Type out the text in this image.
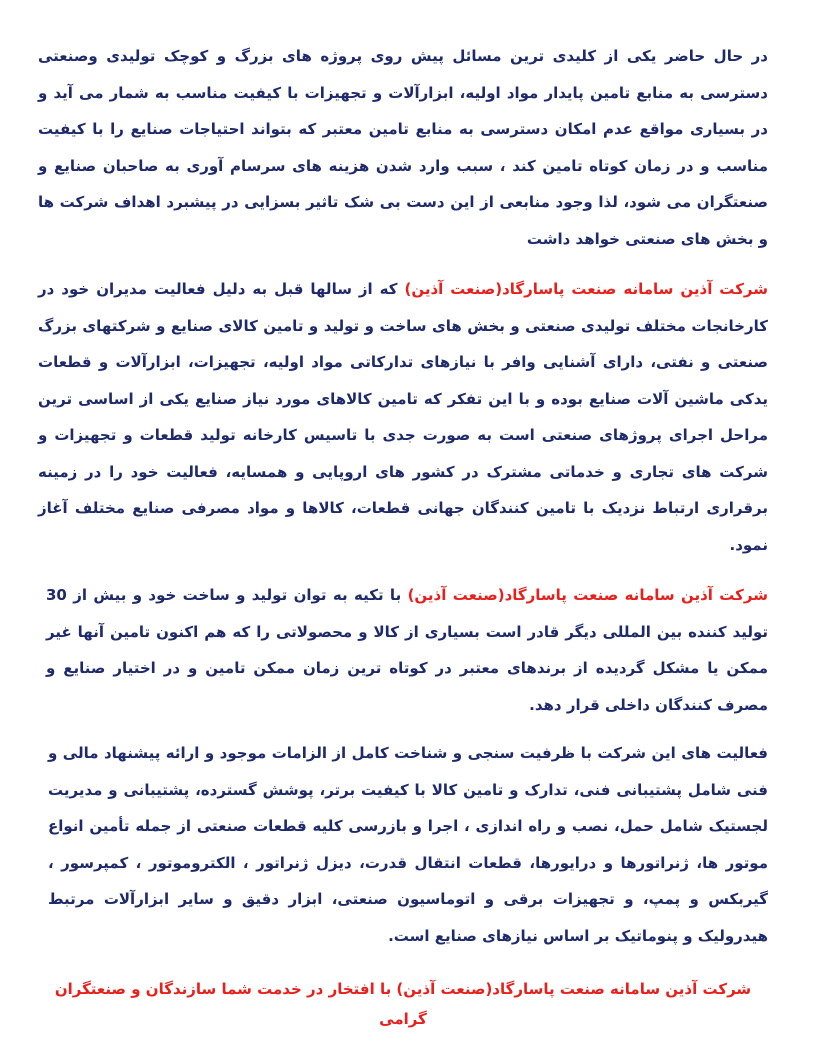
در حال حاضر یکی از کلیدی ترین مسائل پیش روی پروژه های بزرگ و کوچک تولیدی وصنعتی دسترسی به منابع تامین پایدار مواد اولیه، ابزارآلات و تجهیزات با کیفیت مناسب به شمار می آید و در بسیاری مواقع عدم امکان دسترسی به منابع تامین معتبر که بتواند احتیاجات صنایع را با کیفیت مناسب و در زمان کوتاه تامین کند ، سبب وارد شدن هزینه های سرسام آوری به صاحبان صنایع و صنعتگران می شود، لذا وجود منابعی از این دست بی شک تاثیر بسزایی در پیشبرد اهداف شرکت ها و بخش های صنعتی خواهد داشت

شرکت آذین سامانه صنعت پاسارگاد(صنعت آذین) که از سالها قبل به دلیل فعالیت مدیران خود در کارخانجات مختلف تولیدی صنعتی و بخش های ساخت و تولید و تامین کالای صنایع و شرکتهای بزرگ صنعتی و نفتی، دارای آشنایی وافر با نیازهای تدارکاتی مواد اولیه، تجهیزات، ابزارآلات و قطعات یدکی ماشین آلات صنایع بوده و با این تفکر که تامین کالاهای مورد نیاز صنایع یکی از اساسی ترین مراحل اجرای پروژهای صنعتی است به صورت جدی با تاسیس کارخانه تولید قطعات و تجهیزات و شرکت های تجاری و خدماتی مشترک در کشور های اروپایی و همسایه، فعالیت خود را در زمینه برقراری ارتباط نزدیک با تامین کنندگان جهانی قطعات، کالاها و مواد مصرفی صنایع مختلف آغاز نمود.

شرکت آذین سامانه صنعت پاسارگاد(صنعت آذین) با تکیه به توان تولید و ساخت خود و بیش از 30 تولید کننده بین المللی دیگر قادر است بسیاری از کالا و محصولاتی را که هم اکنون تامین آنها غیر ممکن یا مشکل گردیده از برندهای معتبر در کوتاه ترین زمان ممکن تامین و در اختیار صنایع و مصرف کنندگان داخلی قرار دهد.

فعالیت های این شرکت با ظرفیت سنجی و شناخت کامل از الزامات موجود و ارائه پیشنهاد مالی و فنی شامل پشتیبانی فنی، تدارک و تامین کالا با کیفیت برتر، پوشش گسترده، پشتیبانی و مدیریت لجستیک شامل حمل، نصب و راه اندازی ، اجرا و بازرسی کلیه قطعات صنعتی از جمله تأمین انواع موتور ها، ژنراتورها و درایورها، قطعات انتقال قدرت، دیزل ژنراتور ، الکتروموتور ، کمپرسور ، گیربکس و پمپ، و تجهیزات برقی و اتوماسیون صنعتی، ابزار دقیق و سایر ابزارآلات مرتبط هیدرولیک و پنوماتیک بر اساس نیازهای صنایع است.

شرکت آذین سامانه صنعت پاسارگاد(صنعت آذین) با افتخار در خدمت شما سازندگان و صنعتگران گرامی
